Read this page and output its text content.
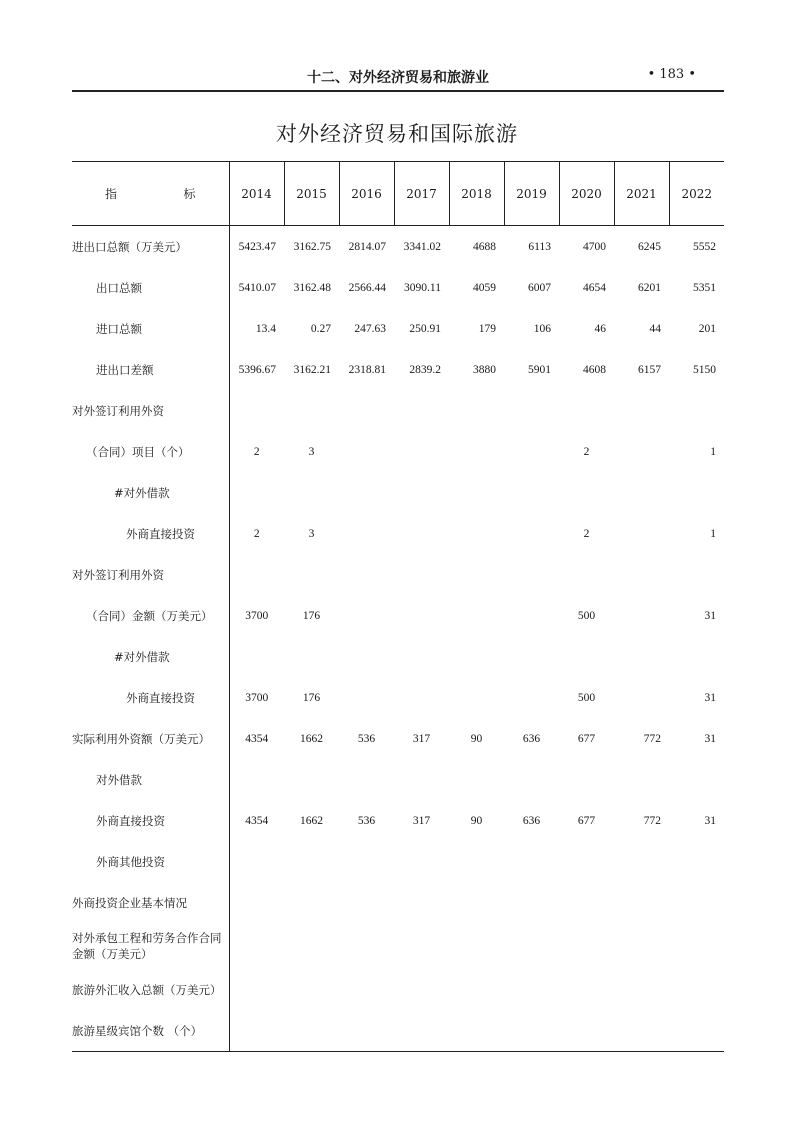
十二、对外经济贸易和旅游业	• 183 •
对外经济贸易和国际旅游
指 标	2014	2015	2016	2017	2018	2019	2020	2021	2022
进出口总额（万美元）	5423.47	3162.75	2814.07	3341.02	4688	6113	4700	6245	5552
出口总额	5410.07	3162.48	2566.44	3090.11	4059	6007	4654	6201	5351
进口总额	13.4	0.27	247.63	250.91	179	106	46	44	201
进出口差额	5396.67	3162.21	2318.81	2839.2	3880	5901	4608	6157	5150
对外签订利用外资									
（合同）项目（个）	2	3					2		1
#对外借款									
外商直接投资	2	3					2		1
对外签订利用外资									
（合同）金额（万美元）	3700	176					500		31
#对外借款									
外商直接投资	3700	176					500		31
实际利用外资额（万美元）	4354	1662	536	317	90	636	677	772	31
对外借款									
外商直接投资	4354	1662	536	317	90	636	677	772	31
外商其他投资									
外商投资企业基本情况									
对外承包工程和劳务合作合同金额（万美元）									
旅游外汇收入总额（万美元）									
旅游星级宾馆个数 （个）									
